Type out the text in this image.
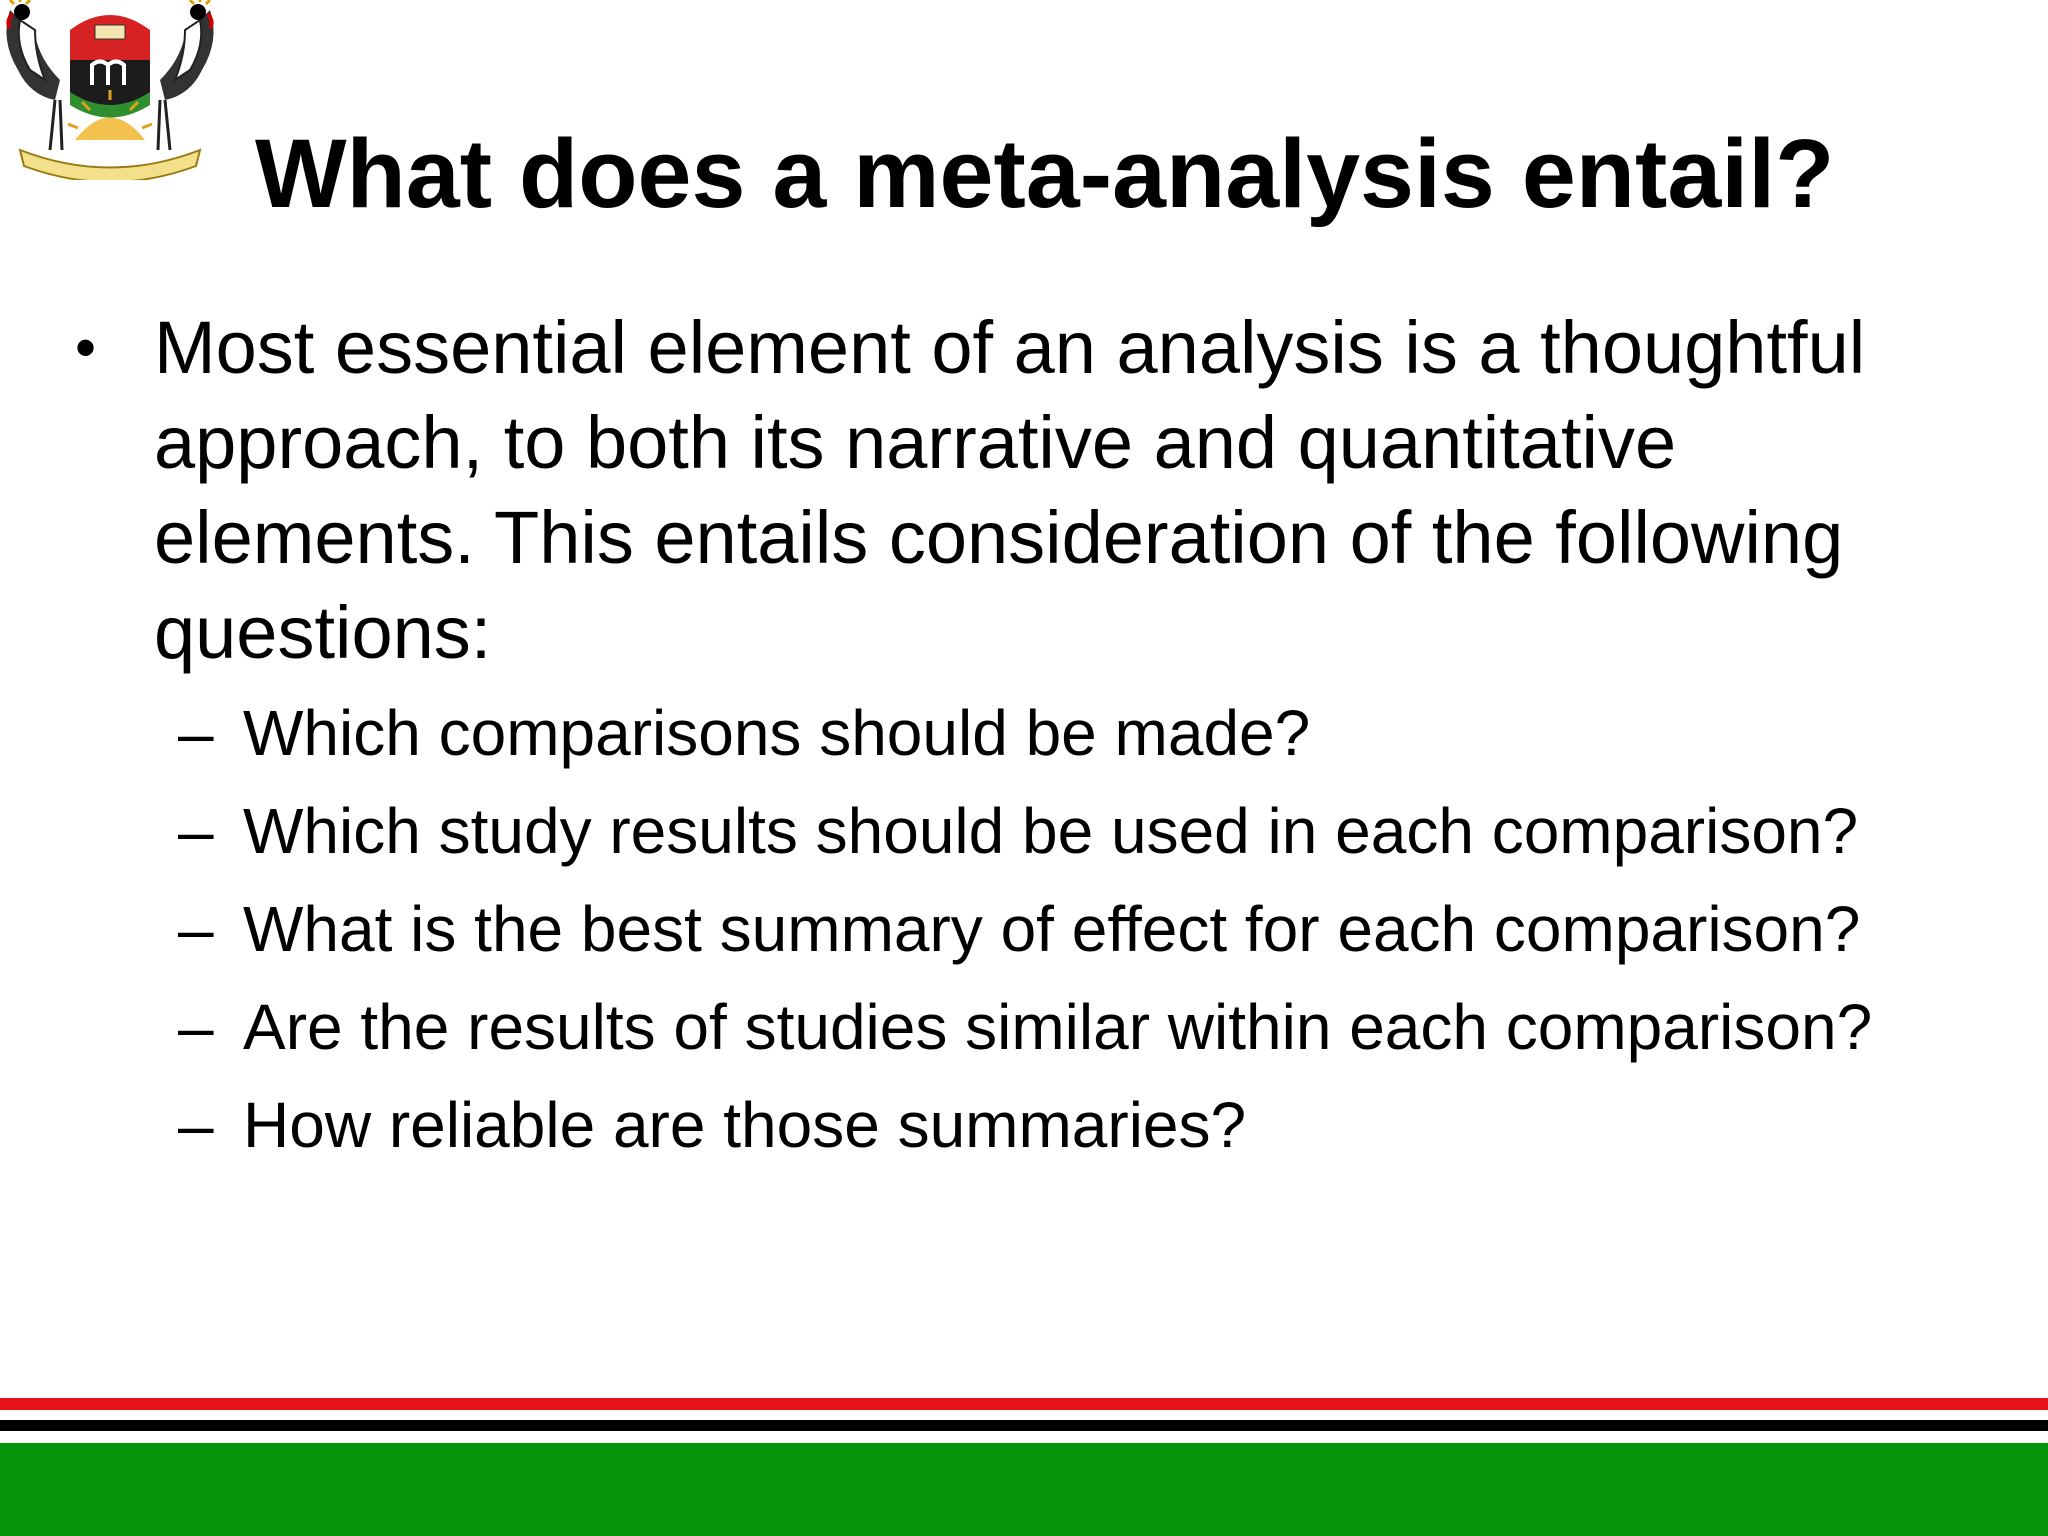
What does a meta-analysis entail?
• Most essential element of an analysis is a thoughtful approach, to both its narrative and quantitative elements. This entails consideration of the following questions:
– Which comparisons should be made?
– Which study results should be used in each comparison?
– What is the best summary of effect for each comparison?
– Are the results of studies similar within each comparison?
– How reliable are those summaries?
